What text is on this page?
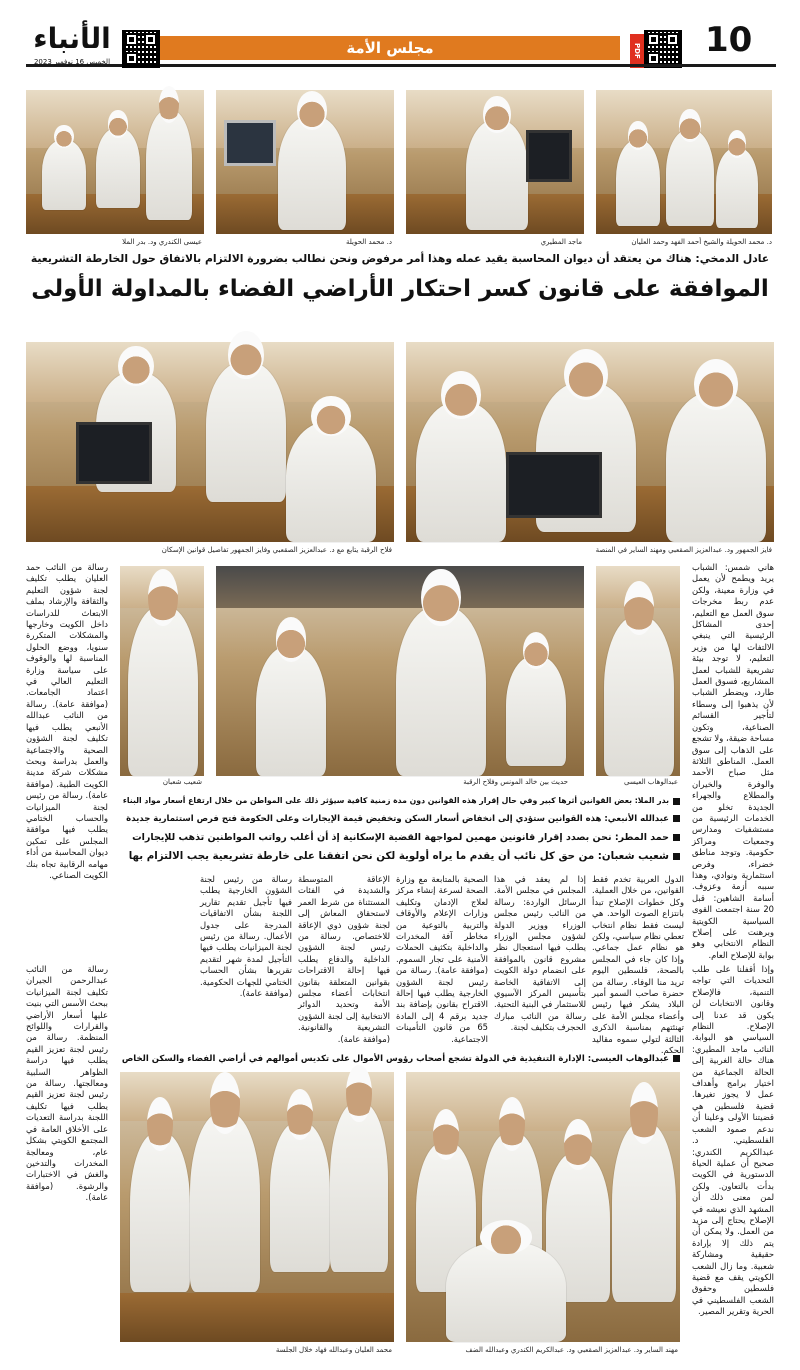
10
PDF
مجلس الأمة
الأنباء
الخميس 16 نوفمبر 2023
د. محمد الحويلة والشيخ أحمد الفهد وحمد العليان
ماجد المطيري
د. محمد الحويلة
عيسى الكندري ود. بدر الملا
عادل الدمخي: هناك من يعتقد أن ديوان المحاسبة يقيد عمله وهذا أمر مرفوض ونحن نطالب بضرورة الالتزام بالاتفاق حول الخارطة التشريعية
الموافقة على قانون كسر احتكار الأراضي الفضاء بالمداولة الأولى
فايز الجمهور ود. عبدالعزيز الصقعبي ومهند الساير في المنصة
فلاح الرقبة يتابع مع د. عبدالعزيز الصقعبي وفايز الجمهور تفاصيل قوانين الإسكان
هاني شمس: الشباب يريد ويطمح لأن يعمل في وزارة معينة، ولكن عدم ربط مخرجات سوق العمل مع التعليم، إحدى المشاكل الرئيسية التي ينبغي الالتفات لها من وزير التعليم، لا توجد بيئة تشريعية للشباب لعمل المشاريع، فسوق العمل طارد، ويضطر الشباب لأن يذهبوا إلى وسطاء لتأجير القسائم الصناعية، وتكون مساحة ضيقة، ولا تشجع على الذهاب إلى سوق العمل. المناطق الثلاثة مثل صباح الأحمد والوفرة والخيران والمطلاع والجهراء الجديدة تخلو من الخدمات الرئيسية من مستشفيات ومدارس وجمعيات ومراكز حكومية. وتوجد مناطق خضراء، وفرص استثمارية ونوادي، وهذا سببه أزمة وعزوف. أسامة الشاهين: قبل 20 سنة اجتمعت القوى السياسية الكويتية وبرهنت على إصلاح النظام الانتخابي وهو بوابة للإصلاح العام.
رسالة من النائب حمد العليان يطلب تكليف لجنة شؤون التعليم والثقافة والإرشاد بملف الابتعاث للدراسات داخل الكويت وخارجها والمشكلات المتكررة سنويا، ووضع الحلول المناسبة لها والوقوف على سياسة وزارة التعليم العالي في اعتماد الجامعات. (موافقة عامة). رسالة من النائب عبدالله الأنبعي يطلب فيها تكليف لجنة الشؤون الصحية والاجتماعية والعمل بدراسة وبحث مشكلات شركة مدينة الكويت الطبية. (موافقة عامة). رسالة من رئيس لجنة الميزانيات والحساب الختامي يطلب فيها موافقة المجلس على تمكين ديوان المحاسبة من أداء مهامه الرقابية تجاه بنك الكويت الصناعي.
عبدالوهاب العيسى
حديث بين خالد المونس وفلاح الرقبة
شعيب شعبان
بدر الملا: بعض القوانين أثرها كبير وفي حال إقرار هذه القوانين دون مدة زمنية كافية سيؤثر ذلك على المواطن من خلال ارتفاع أسعار مواد البناء
عبدالله الأنبعي: هذه القوانين ستؤدي إلى انخفاض أسعار السكن وتخفيض قيمة الإيجارات وعلى الحكومة فتح فرص استثمارية جديدة
حمد المطر: نحن بصدد إقرار قانونين مهمين لمواجهة القضية الإسكانية إذ أن أغلب رواتب المواطنين تذهب للإيجارات
شعيب شعبان: من حق كل نائب أن يقدم ما يراه أولوية لكن نحن اتفقنا على خارطة تشريعية يجب الالتزام بها
الدول العربية تخدم فقط القوانين، من خلال العملية. وكل خطوات الإصلاح تبدأ بانتزاع الصوت الواحد. هي ليست فقط نظام انتخاب تعطي نظام سياسي، ولكن هو نظام عمل جماعي. وإذا كان جاء في المجلس بالصحة، فلسطين اليوم تريد منا الوفاء. رسالة من حضرة صاحب السمو أمير البلاد يشكر فيها رئيس وأعضاء مجلس الأمة على تهنئتهم بمناسبة الذكرى الثالثة لتولي سموه مقاليد الحكم.
إذا لم يعقد في هذا المجلس في مجلس الأمة. الرسائل الواردة: رسالة من النائب رئيس مجلس الوزراء ووزير الدولة لشؤون مجلس الوزراء يطلب فيها استعجال نظر مشروع قانون بالموافقة على انضمام دولة الكويت إلى الاتفاقية الخاصة بتأسيس المركز الآسيوي للاستثمار في البنية التحتية. رسالة من النائب مبارك الحجرف بتكليف لجنة.
الصحية بالمتابعة مع وزارة الصحة لسرعة إنشاء مركز لعلاج الإدمان وتكليف وزارات الإعلام والأوقاف والتربية بالتوعية من مخاطر آفة المخدرات والداخلية بتكثيف الحملات الأمنية على تجار السموم. (موافقة عامة). رسالة من رئيس لجنة الشؤون الخارجية يطلب فيها إحالة الاقتراح بقانون بإضافة بند جديد برقم 4 إلى المادة 65 من قانون التأمينات الاجتماعية.
الإعاقة المتوسطة والشديدة في الفئات المستثناة من شرط العمر لاستحقاق المعاش إلى لجنة شؤون ذوي الإعاقة للاختصاص. رسالة من رئيس لجنة الشؤون الداخلية والدفاع يطلب فيها إحالة الاقتراحات بقوانين المتعلقة بقانون انتخابات أعضاء مجلس الأمة وتحديد الدوائر الانتخابية إلى لجنة الشؤون التشريعية والقانونية. (موافقة عامة).
رسالة من رئيس لجنة الشؤون الخارجية يطلب فيها تأجيل تقديم تقارير اللجنة بشأن الاتفاقيات المدرجة على جدول الأعمال. رسالة من رئيس لجنة الميزانيات يطلب فيها التأجيل لمدة شهر لتقديم تقريرها بشأن الحساب الختامي للجهات الحكومية. (موافقة عامة).
عبدالوهاب العيسى: الإدارة التنفيذية في الدولة تشجع أصحاب رؤوس الأموال على تكديس أموالهم في أراضي الفضاء والسكن الخاص
وإذا أقفلنا على طلب التحديات التي تواجه التنمية، فالإصلاح وقانون الانتخابات لن يكون قد عدنا إلى الإصلاح. النظام السياسي هو البوابة. النائب ماجد المطيري: هناك حالة الغربية إلى الحالة الجماعية من اختيار برامج وأهداف عمل لا يجوز تغيرها. قضية فلسطين هي قضيتنا الأولى وعلينا أن ندعم صمود الشعب الفلسطيني. د. عبدالكريم الكندري: صحيح أن عملية الحياة الدستورية في الكويت بدأت بالتعاون. ولكن لمن معنى ذلك أن المشهد الذي نعيشه في الإصلاح يحتاج إلى مزيد من العمل. ولا يمكن أن يتم ذلك إلا بإرادة حقيقية ومشاركة شعبية. وما زال الشعب الكويتي يقف مع قضية فلسطين وحقوق الشعب الفلسطيني في الحرية وتقرير المصير.
رسالة من النائب عبدالرحمن الجيران تكليف لجنة الميزانيات ببحث الأسس التي بنيت عليها أسعار الأراضي والقرارات واللوائح المنظمة. رسالة من رئيس لجنة تعزيز القيم يطلب فيها دراسة الظواهر السلبية ومعالجتها. رسالة من رئيس لجنة تعزيز القيم يطلب فيها تكليف اللجنة بدراسة التعديات على الأخلاق العامة في المجتمع الكويتي بشكل عام، ومعالجة المخدرات والتدخين والغش في الاختبارات والرشوة. (موافقة عامة).
مهند الساير ود. عبدالعزيز الصقعبي ود. عبدالكريم الكندري وعبدالله الضف
محمد العليان وعبدالله فهاد خلال الجلسة
